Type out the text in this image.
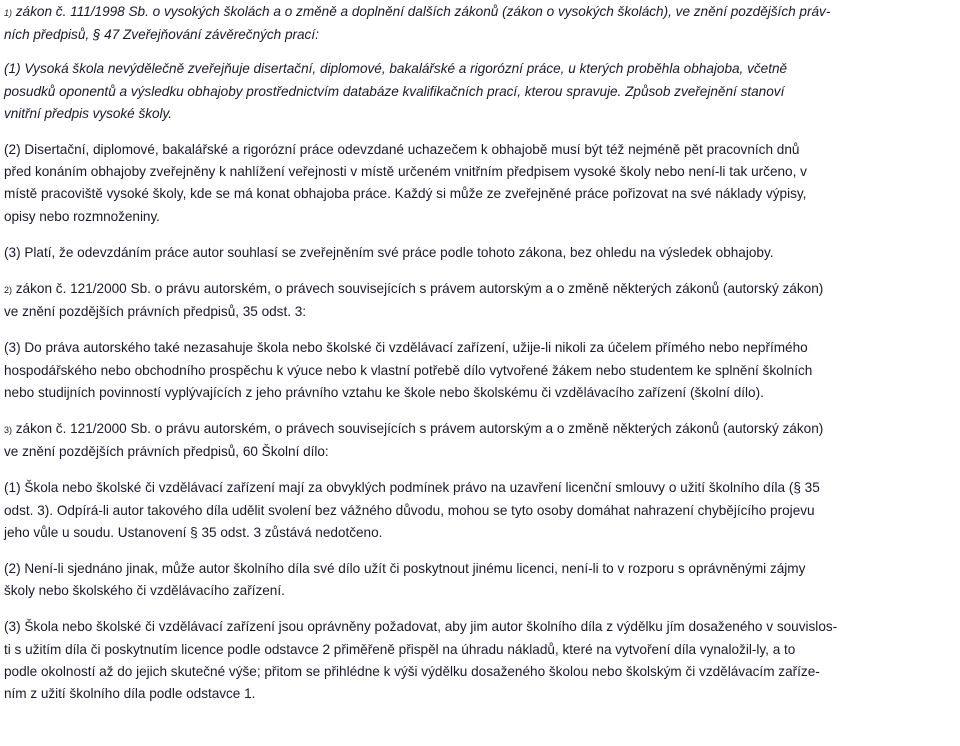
1) zákon č. 111/1998 Sb. o vysokých školách a o změně a doplnění dalších zákonů (zákon o vysokých školách), ve znění pozdějších práv-
ních předpisů, § 47 Zveřejňování závěrečných prací:
(1) Vysoká škola nevýdělečně zveřejňuje disertační, diplomové, bakalářské a rigorózní práce, u kterých proběhla obhajoba, včetně
posudků oponentů a výsledku obhajoby prostřednictvím databáze kvalifikačních prací, kterou spravuje. Způsob zveřejnění stanoví
vnitřní předpis vysoké školy.
(2) Disertační, diplomové, bakalářské a rigorózní práce odevzdané uchazečem k obhajobě musí být též nejméně pět pracovních dnů
před konáním obhajoby zveřejněny k nahlížení veřejnosti v místě určeném vnitřním předpisem vysoké školy nebo není-li tak určeno, v
místě pracoviště vysoké školy, kde se má konat obhajoba práce. Každý si může ze zveřejněné práce pořizovat na své náklady výpisy,
opisy nebo rozmnoženiny.
(3) Platí, že odevzdáním práce autor souhlasí se zveřejněním své práce podle tohoto zákona, bez ohledu na výsledek obhajoby.
2) zákon č. 121/2000 Sb. o právu autorském, o právech souvisejících s právem autorským a o změně některých zákonů (autorský zákon)
ve znění pozdějších právních předpisů, 35 odst. 3:
(3) Do práva autorského také nezasahuje škola nebo školské či vzdělávací zařízení, užije-li nikoli za účelem přímého nebo nepřímého
hospodářského nebo obchodního prospěchu k výuce nebo k vlastní potřebě dílo vytvořené žákem nebo studentem ke splnění školních
nebo studijních povinností vyplývajících z jeho právního vztahu ke škole nebo školskému či vzdělávacího zařízení (školní dílo).
3) zákon č. 121/2000 Sb. o právu autorském, o právech souvisejících s právem autorským a o změně některých zákonů (autorský zákon)
ve znění pozdějších právních předpisů, 60 Školní dílo:
(1) Škola nebo školské či vzdělávací zařízení mají za obvyklých podmínek právo na uzavření licenční smlouvy o užití školního díla (§ 35
odst. 3). Odpírá-li autor takového díla udělit svolení bez vážného důvodu, mohou se tyto osoby domáhat nahrazení chybějícího projevu
jeho vůle u soudu. Ustanovení § 35 odst. 3 zůstává nedotčeno.
(2) Není-li sjednáno jinak, může autor školního díla své dílo užít či poskytnout jinému licenci, není-li to v rozporu s oprávněnými zájmy
školy nebo školského či vzdělávacího zařízení.
(3) Škola nebo školské či vzdělávací zařízení jsou oprávněny požadovat, aby jim autor školního díla z výdělku jím dosaženého v souvislos-
ti s užitím díla či poskytnutím licence podle odstavce 2 přiměřeně přispěl na úhradu nákladů, které na vytvoření díla vynaložil-ly, a to
podle okolností až do jejich skutečné výše; přitom se přihlédne k výši výdělku dosaženého školou nebo školským či vzdělávacím zaříze-
ním z užití školního díla podle odstavce 1.
